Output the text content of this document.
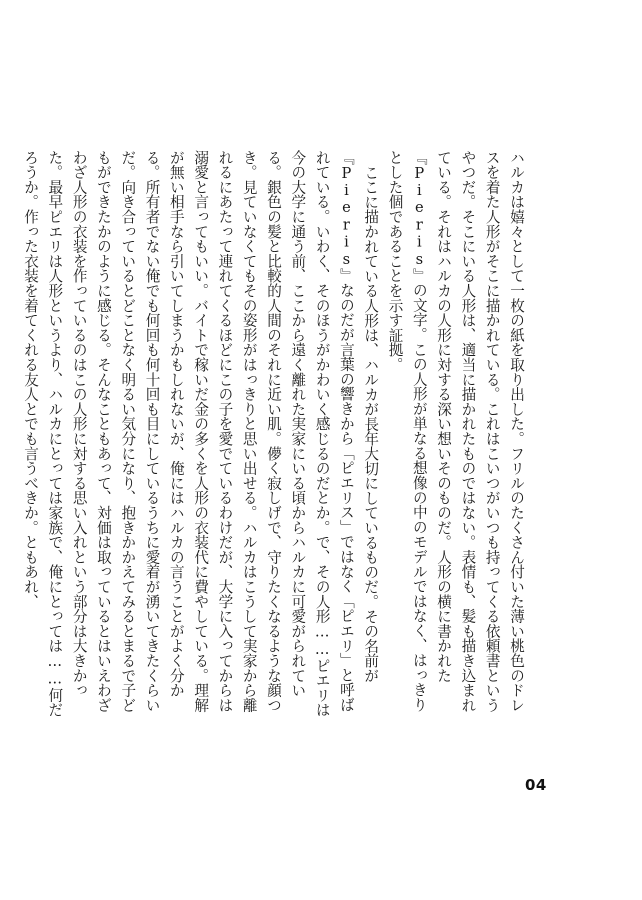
ハルカは嬉々として一枚の紙を取り出した。フリルのたくさん付いた薄い桃色のドレスを着た人形がそこに描かれている。これはこいつがいつも持ってくる依頼書というやつだ。そこにいる人形は、適当に描かれたものではない。表情も、髪も描き込まれている。それはハルカの人形に対する深い想いそのものだ。人形の横に書かれた『Pieris』の文字。この人形が単なる想像の中のモデルではなく、はっきりとした個であることを示す証拠。

ここに描かれている人形は、ハルカが長年大切にしているものだ。その名前が『Pieris』なのだが言葉の響きから「ピエリス」ではなく「ピエリ」と呼ばれている。いわく、そのほうがかわいく感じるのだとか。で、その人形……ピエリは今の大学に通う前、ここから遠く離れた実家にいる頃からハルカに可愛がられている。銀色の髪と比較的人間のそれに近い肌。儚く寂しげで、守りたくなるような顔つき。見ていなくてもその姿形がはっきりと思い出せる。ハルカはこうして実家から離れるにあたって連れてくるほどにこの子を愛でているわけだが、大学に入ってからは溺愛と言ってもいい。バイトで稼いだ金の多くを人形の衣装代に費やしている。理解が無い相手なら引いてしまうかもしれないが、俺にはハルカの言うことがよく分かる。所有者でない俺でも何回も何十回も目にしているうちに愛着が湧いてきたくらいだ。向き合っているとどことなく明るい気分になり、抱きかかえてみるとまるで子どもができたかのように感じる。そんなこともあって、対価は取っているとはいえわざわざ人形の衣装を作っているのはこの人形に対する思い入れという部分は大きかった。最早ピエリは人形というより、ハルカにとっては家族で、俺にとっては……何だろうか。作った衣装を着てくれる友人とでも言うべきか。ともあれ、

04
